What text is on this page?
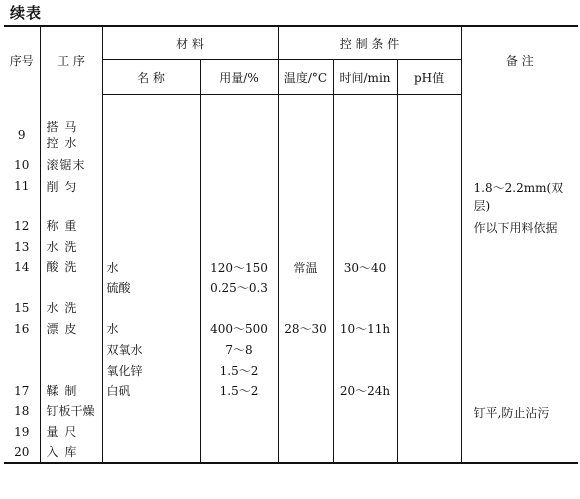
续表
序号	工 序	材 料		控 制 条 件			备 注
		名 称	用量/%	温度/°C	时间/min	pH值	

9	搭 马
控 水						

10	滚锯末						
11	削 匀						1.8～2.2mm(双层)
12	称 重						作以下用料依据
13	水 洗						
14	酸 洗	水	120～150	常温	30～40		
		硫酸	0.25～0.3				
15	水 洗						
16	漂 皮	水	400～500	28～30	10～11h		
		双氧水	7～8				
		氧化锌	1.5～2				
17	鞣 制	白矾	1.5～2		20～24h		
18	钉板干燥						钉平,防止沾污
19	量 尺						
20	入 库						
